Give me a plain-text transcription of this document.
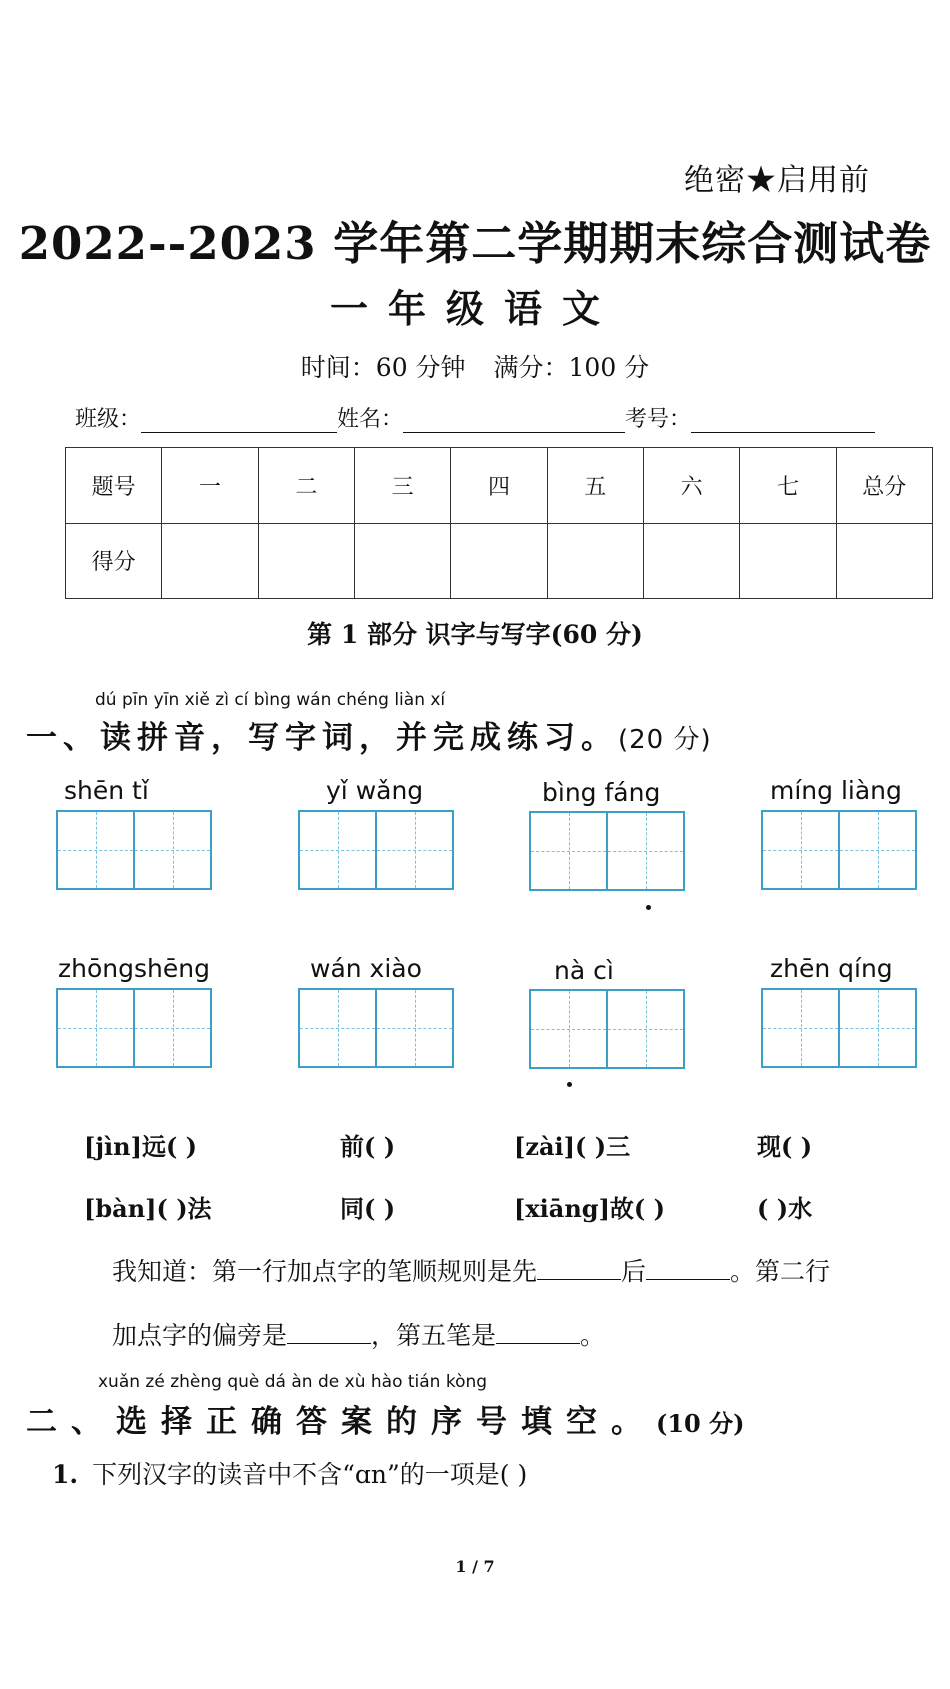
绝密★启用前
2022--2023 学年第二学期期末综合测试卷
一年级语文
时间：60 分钟 满分：100 分
班级：	姓名：	考号：
题号	一	二	三	四	五	六	七	总分
得分								
第 1 部分 识字与写字(60 分)
dú pīn yīn xiě zì cí bìng wán chéng liàn xí
一、读拼音，写字词，并完成练习。(20 分)
shēn tǐ	yǐ wǎng	bìng fáng	míng liàng
zhōngshēng	wán xiào	nà cì	zhēn qíng
[jìn]远( )	前( )	[zài]( )三	现( )
[bàn]( )法	同( )	[xiāng]故( )	( )水
我知道：第一行加点字的笔顺规则是先	后	。第二行
加点字的偏旁是	，第五笔是	。
xuǎn zé zhèng què dá àn de xù hào tián kòng
二、选择正确答案的序号填空。(10 分)
1. 下列汉字的读音中不含“ɑn”的一项是( )
1 / 7
